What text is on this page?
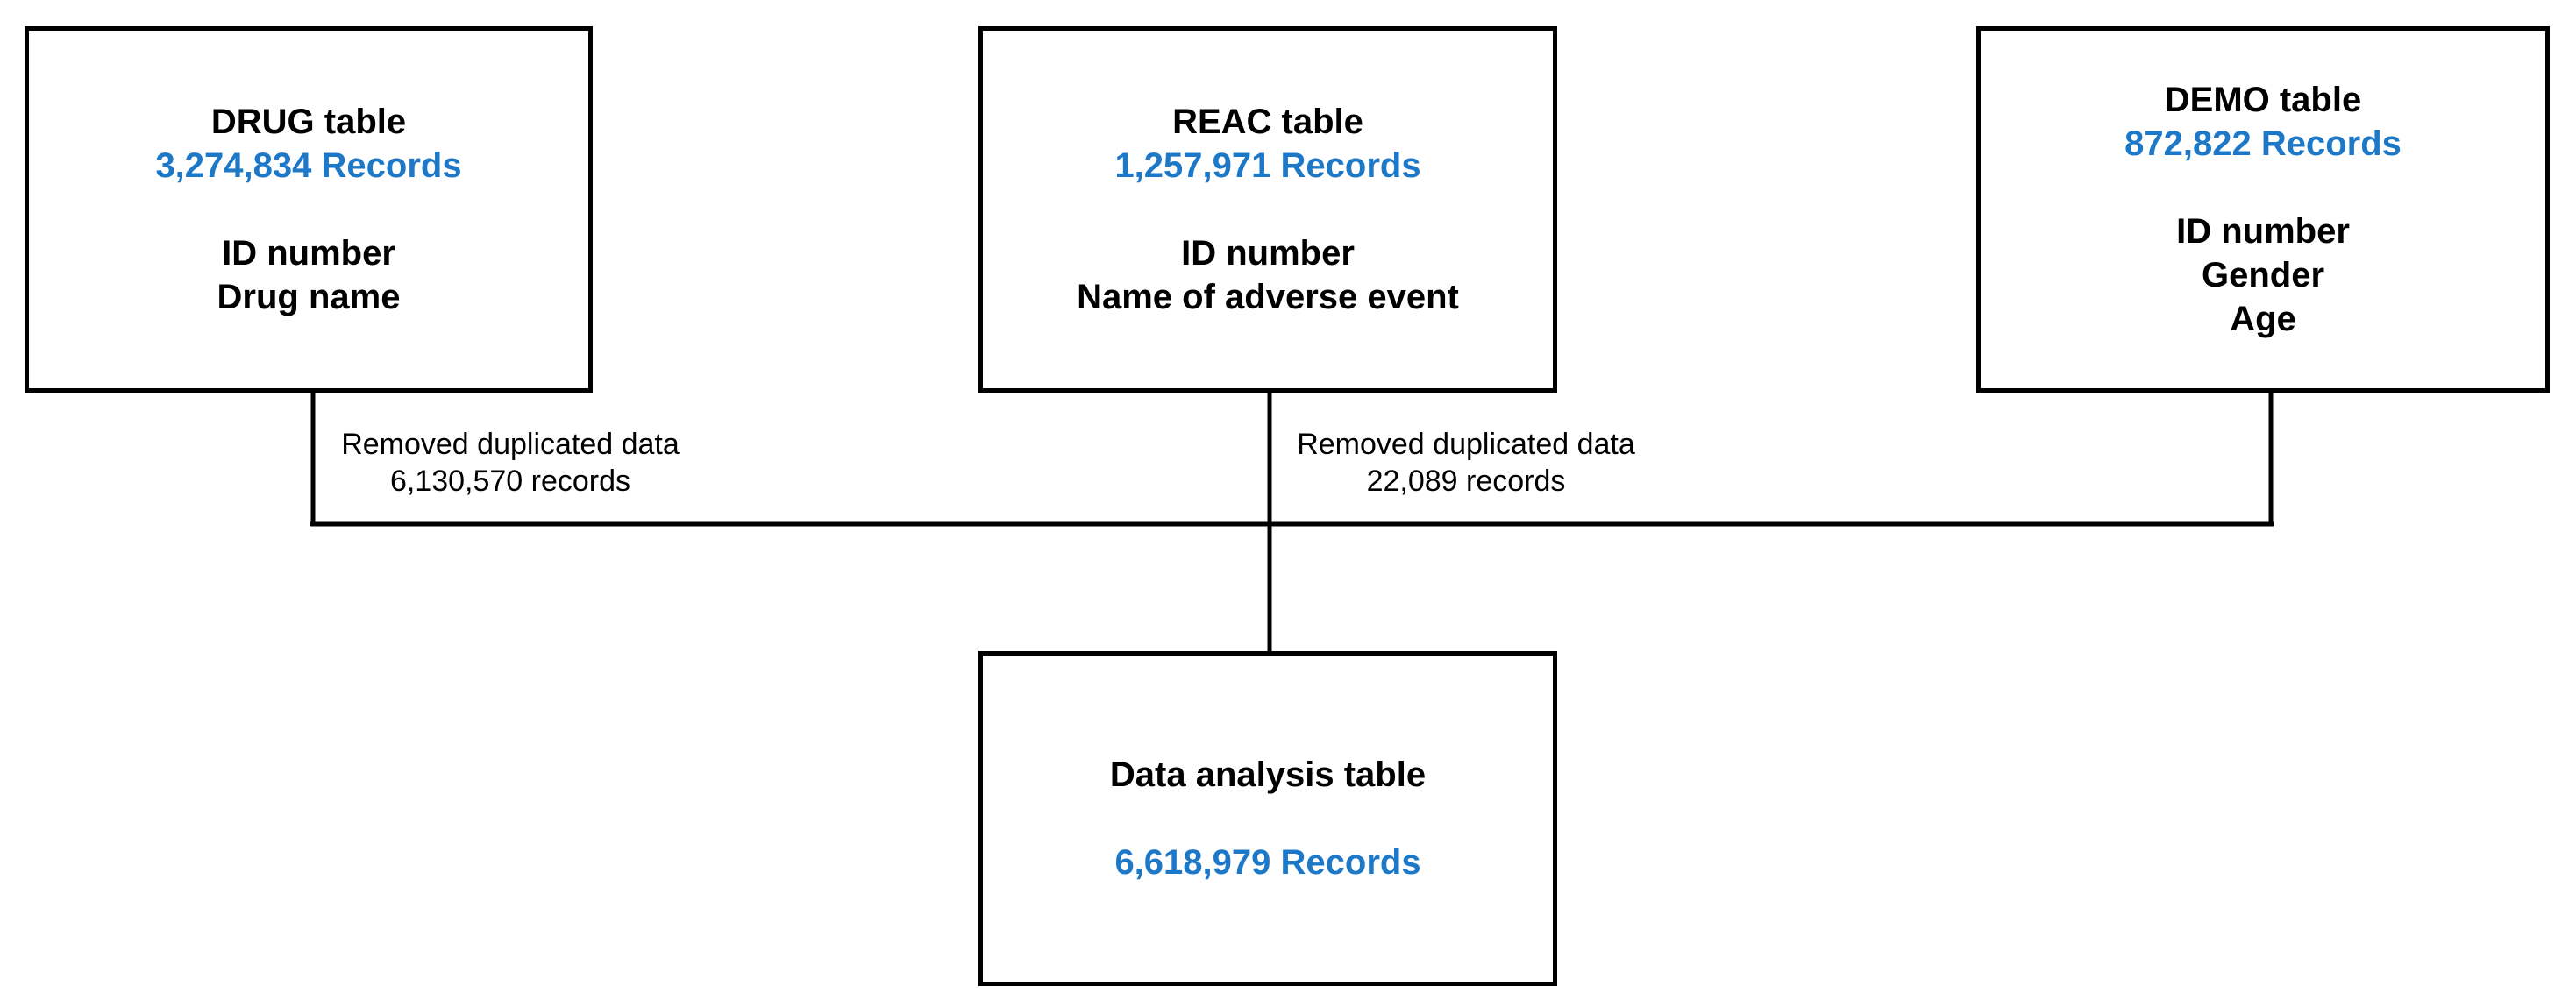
DRUG table
3,274,834 Records
ID number
Drug name
REAC table
1,257,971 Records
ID number
Name of adverse event
DEMO table
872,822 Records
ID number
Gender
Age
Data analysis table
6,618,979 Records
Removed duplicated data
6,130,570 records
Removed duplicated data
22,089 records
